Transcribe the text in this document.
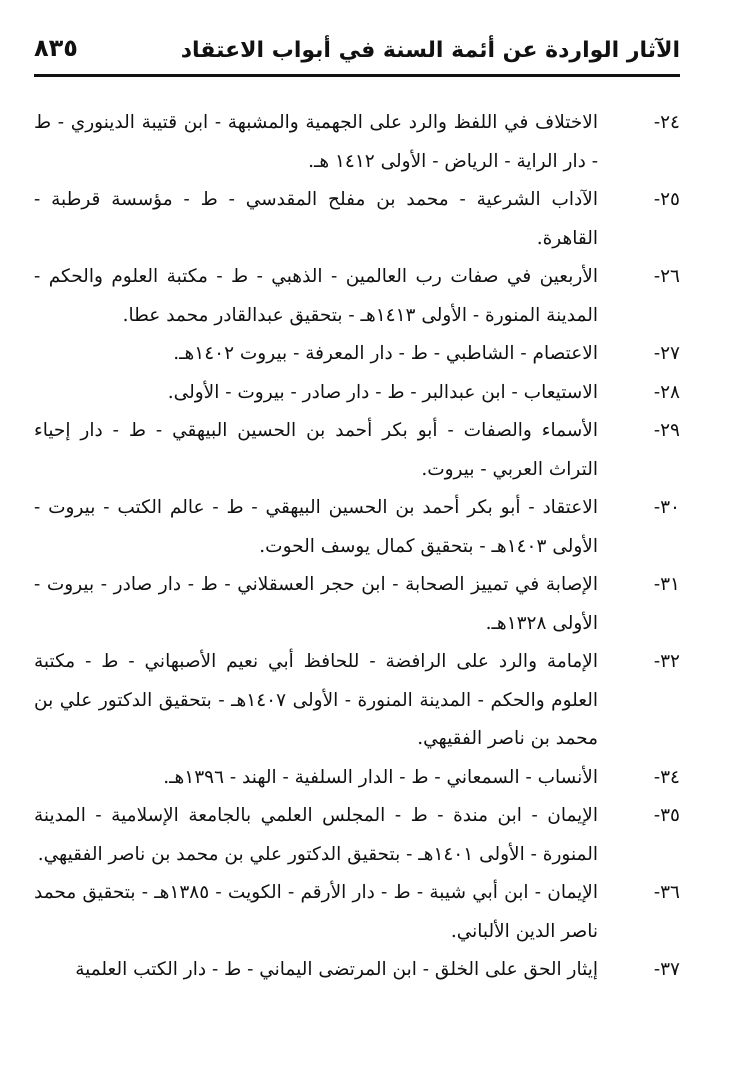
الآثار الواردة عن أئمة السنة في أبواب الاعتقاد
٨٣٥
٢٤-
الاختلاف في اللفظ والرد على الجهمية والمشبهة - ابن قتيبة الدينوري - ط - دار الراية - الرياض - الأولى ١٤١٢ هـ.
٢٥-
الآداب الشرعية - محمد بن مفلح المقدسي - ط - مؤسسة قرطبة - القاهرة.
٢٦-
الأربعين في صفات رب العالمين - الذهبي - ط - مكتبة العلوم والحكم - المدينة المنورة - الأولى ١٤١٣هـ - بتحقيق عبدالقادر محمد عطا.
٢٧-
الاعتصام - الشاطبي - ط - دار المعرفة - بيروت ١٤٠٢هـ.
٢٨-
الاستيعاب - ابن عبدالبر - ط - دار صادر - بيروت - الأولى.
٢٩-
الأسماء والصفات - أبو بكر أحمد بن الحسين البيهقي - ط - دار إحياء التراث العربي - بيروت.
٣٠-
الاعتقاد - أبو بكر أحمد بن الحسين البيهقي - ط - عالم الكتب - بيروت - الأولى ١٤٠٣هـ - بتحقيق كمال يوسف الحوت.
٣١-
الإصابة في تمييز الصحابة - ابن حجر العسقلاني - ط - دار صادر - بيروت - الأولى ١٣٢٨هـ.
٣٢-
الإمامة والرد على الرافضة - للحافظ أبي نعيم الأصبهاني - ط - مكتبة العلوم والحكم - المدينة المنورة - الأولى ١٤٠٧هـ - بتحقيق الدكتور علي بن محمد بن ناصر الفقيهي.
٣٤-
الأنساب - السمعاني - ط - الدار السلفية - الهند - ١٣٩٦هـ.
٣٥-
الإيمان - ابن مندة - ط - المجلس العلمي بالجامعة الإسلامية - المدينة المنورة - الأولى ١٤٠١هـ - بتحقيق الدكتور علي بن محمد بن ناصر الفقيهي.
٣٦-
الإيمان - ابن أبي شيبة - ط - دار الأرقم - الكويت - ١٣٨٥هـ - بتحقيق محمد ناصر الدين الألباني.
٣٧-
إيثار الحق على الخلق - ابن المرتضى اليماني - ط - دار الكتب العلمية
